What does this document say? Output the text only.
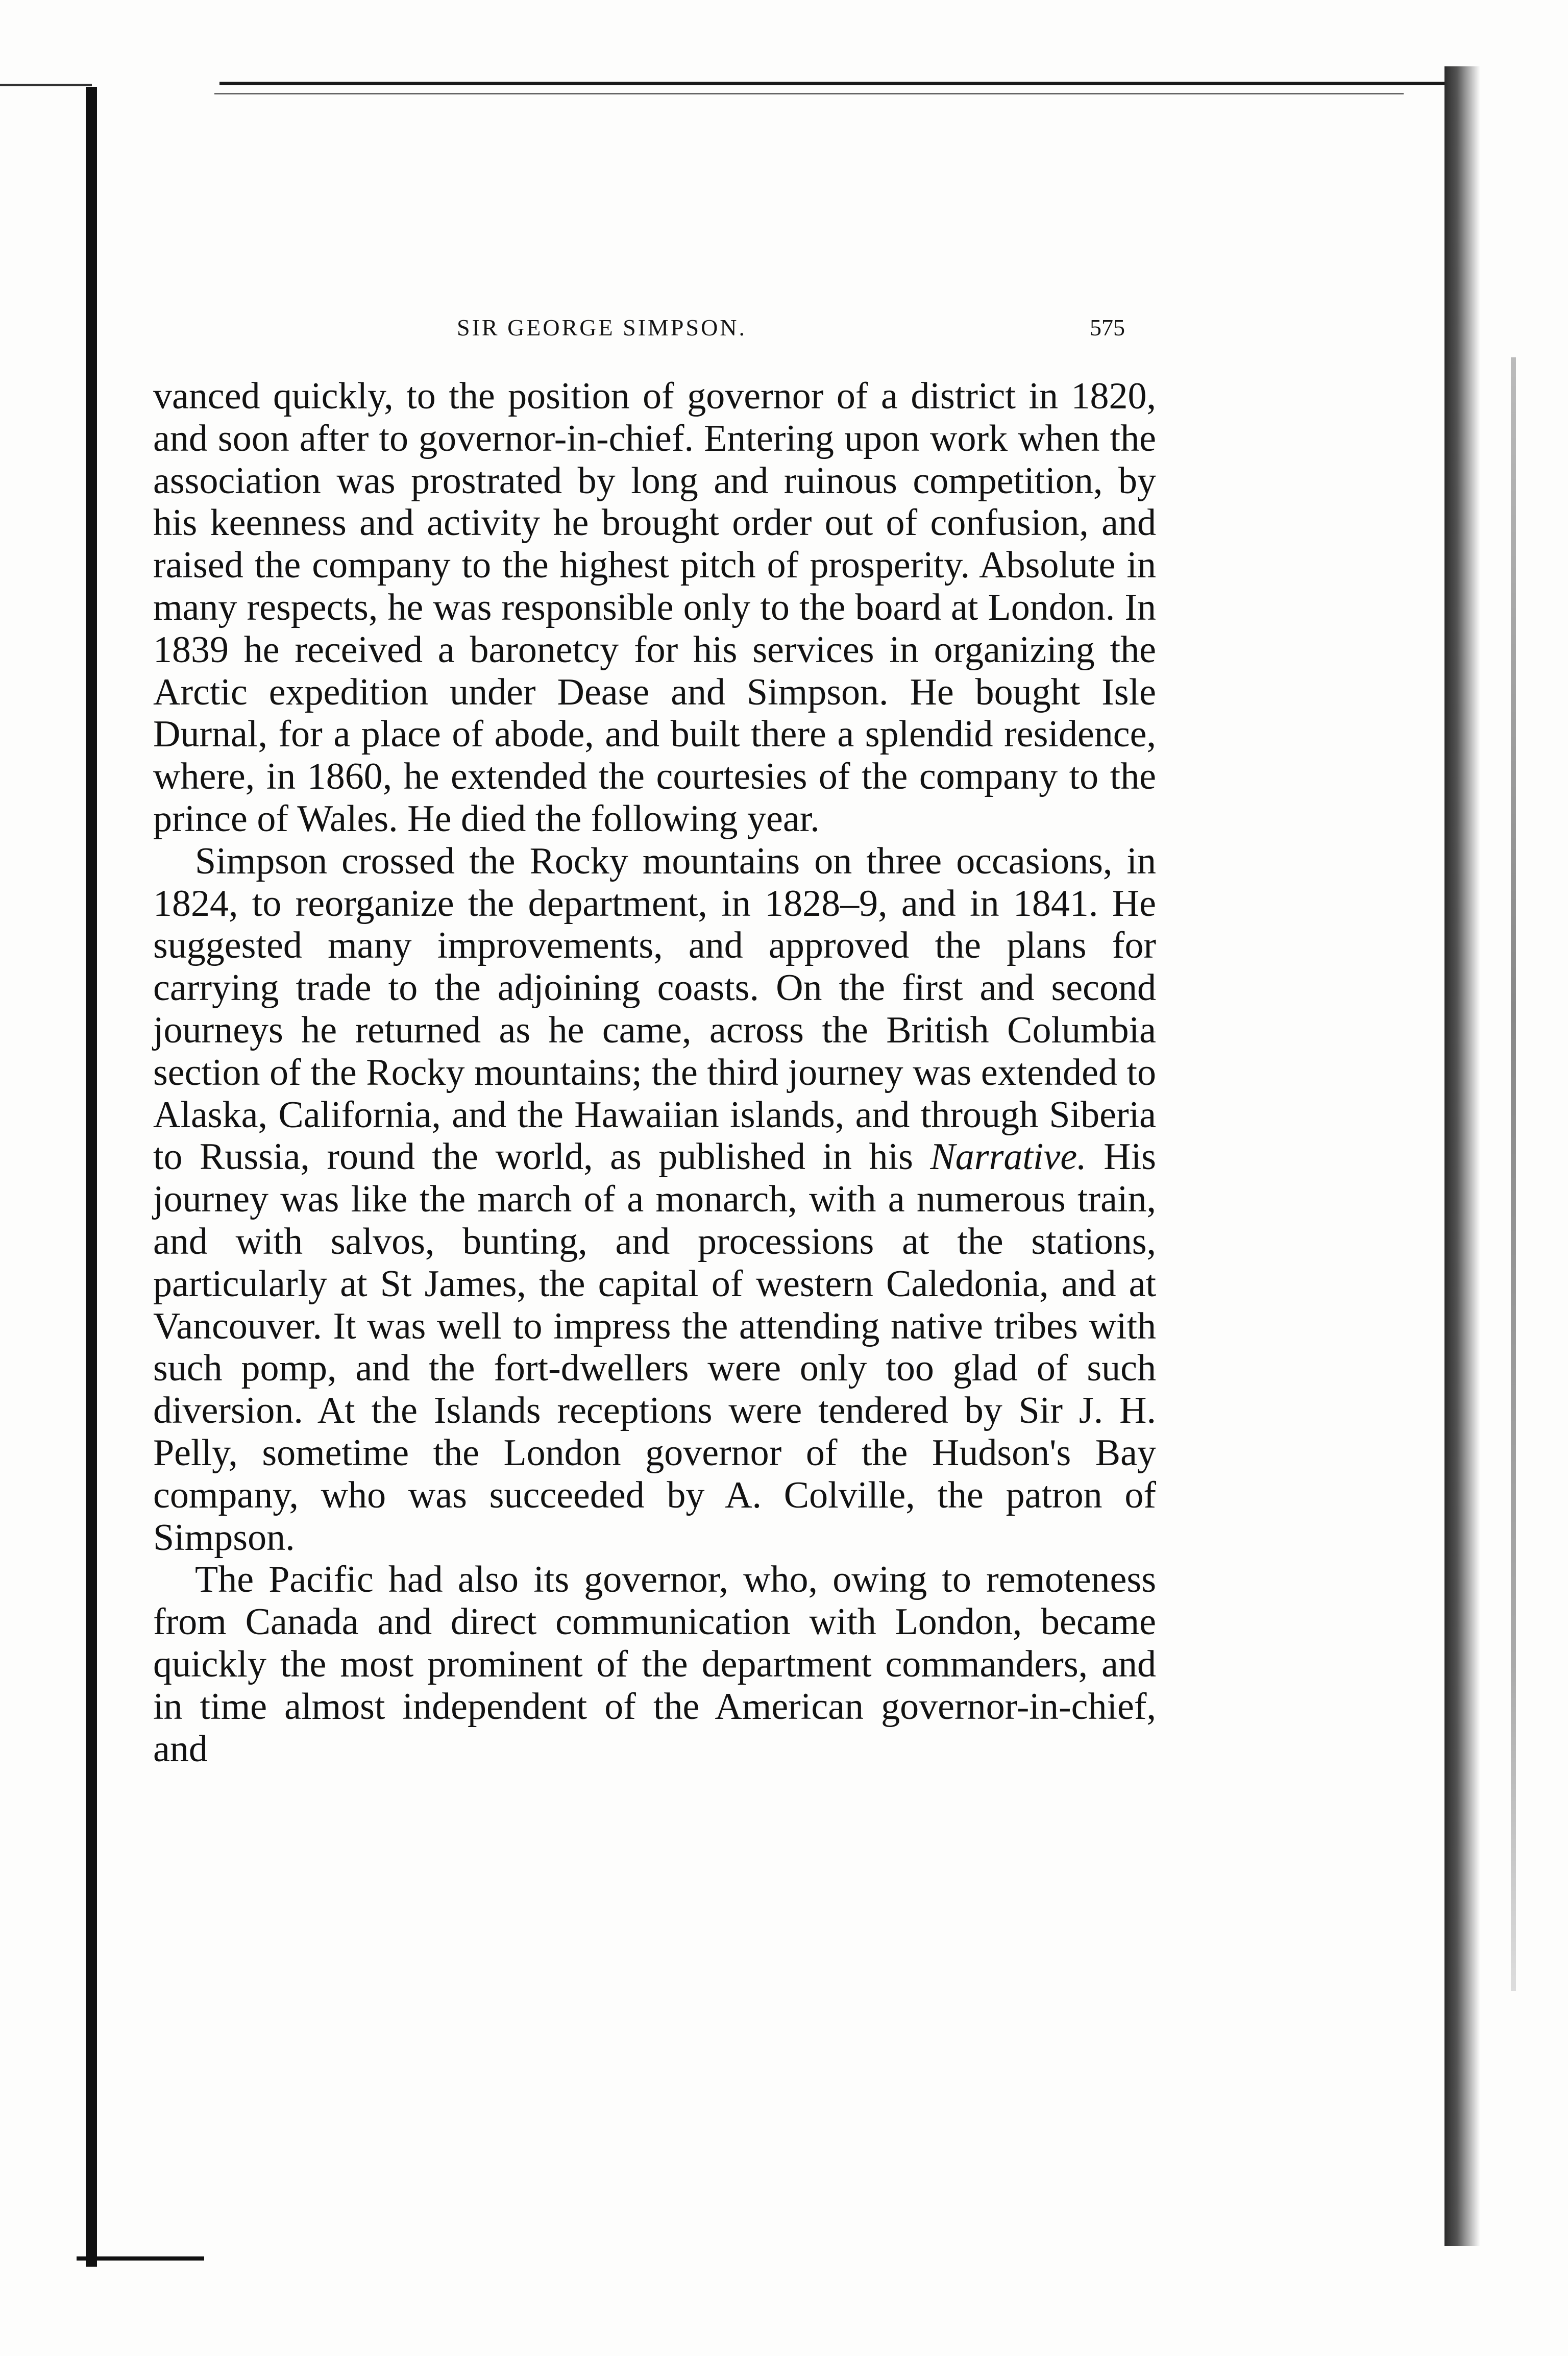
SIR GEORGE SIMPSON.	575

vanced quickly, to the position of governor of a district in 1820, and soon after to governor-in-chief. Entering upon work when the association was prostrated by long and ruinous competition, by his keenness and activity he brought order out of confusion, and raised the company to the highest pitch of prosperity. Absolute in many respects, he was responsible only to the board at London. In 1839 he received a baronetcy for his services in organizing the Arctic expedition under Dease and Simpson. He bought Isle Durnal, for a place of abode, and built there a splendid residence, where, in 1860, he extended the courtesies of the company to the prince of Wales. He died the following year.

Simpson crossed the Rocky mountains on three occasions, in 1824, to reorganize the department, in 1828–9, and in 1841. He suggested many improvements, and approved the plans for carrying trade to the adjoining coasts. On the first and second journeys he returned as he came, across the British Columbia section of the Rocky mountains; the third journey was extended to Alaska, California, and the Hawaiian islands, and through Siberia to Russia, round the world, as published in his Narrative. His journey was like the march of a monarch, with a numerous train, and with salvos, bunting, and processions at the stations, particularly at St James, the capital of western Caledonia, and at Vancouver. It was well to impress the attending native tribes with such pomp, and the fort-dwellers were only too glad of such diversion. At the Islands receptions were tendered by Sir J. H. Pelly, sometime the London governor of the Hudson's Bay company, who was succeeded by A. Colville, the patron of Simpson.

The Pacific had also its governor, who, owing to remoteness from Canada and direct communication with London, became quickly the most prominent of the department commanders, and in time almost independent of the American governor-in-chief, and
